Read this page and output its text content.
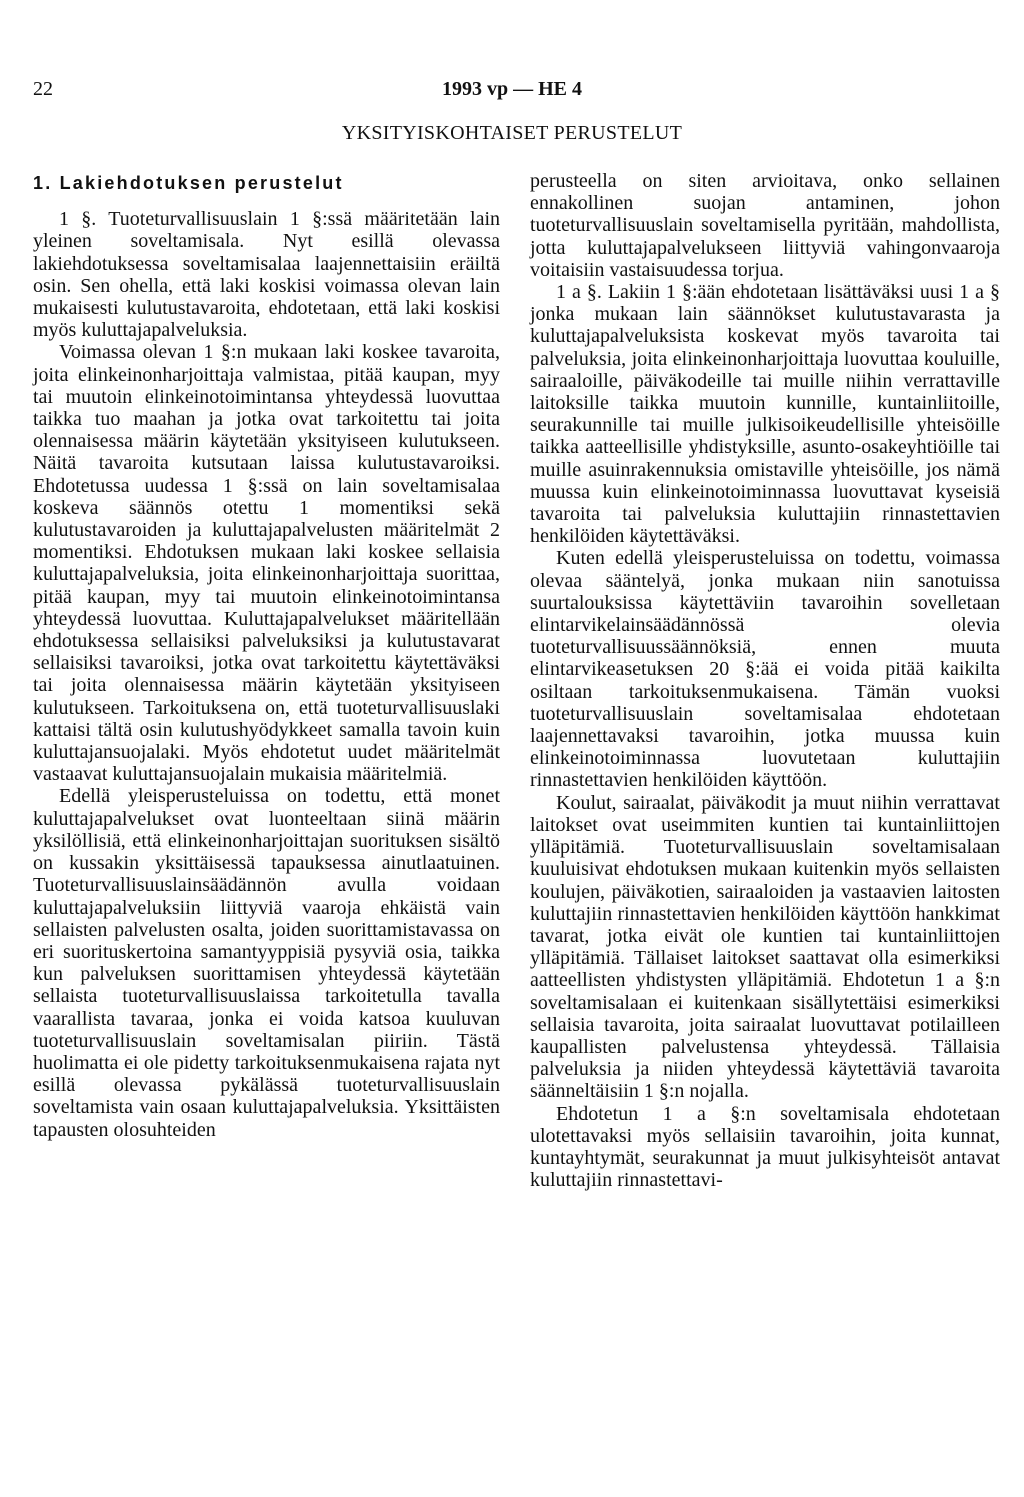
22	1993 vp — HE 4
YKSITYISKOHTAISET PERUSTELUT
1. Lakiehdotuksen perustelut

1 §. Tuoteturvallisuuslain 1 §:ssä määritetään lain yleinen soveltamisala. Nyt esillä olevassa lakiehdotuksessa soveltamisalaa laajennettaisiin eräiltä osin. Sen ohella, että laki koskisi voimassa olevan lain mukaisesti kulutustavaroita, ehdotetaan, että laki koskisi myös kuluttajapalveluksia.

Voimassa olevan 1 §:n mukaan laki koskee tavaroita, joita elinkeinonharjoittaja valmistaa, pitää kaupan, myy tai muutoin elinkeinotoimintansa yhteydessä luovuttaa taikka tuo maahan ja jotka ovat tarkoitettu tai joita olennaisessa määrin käytetään yksityiseen kulutukseen. Näitä tavaroita kutsutaan laissa kulutustavaroiksi. Ehdotetussa uudessa 1 §:ssä on lain soveltamisalaa koskeva säännös otettu 1 momentiksi sekä kulutustavaroiden ja kuluttajapalvelusten määritelmät 2 momentiksi. Ehdotuksen mukaan laki koskee sellaisia kuluttajapalveluksia, joita elinkeinonharjoittaja suorittaa, pitää kaupan, myy tai muutoin elinkeinotoimintansa yhteydessä luovuttaa. Kuluttajapalvelukset määritellään ehdotuksessa sellaisiksi palveluksiksi ja kulutustavarat sellaisiksi tavaroiksi, jotka ovat tarkoitettu käytettäväksi tai joita olennaisessa määrin käytetään yksityiseen kulutukseen. Tarkoituksena on, että tuoteturvallisuuslaki kattaisi tältä osin kulutushyödykkeet samalla tavoin kuin kuluttajansuojalaki. Myös ehdotetut uudet määritelmät vastaavat kuluttajansuojalain mukaisia määritelmiä.

Edellä yleisperusteluissa on todettu, että monet kuluttajapalvelukset ovat luonteeltaan siinä määrin yksilöllisiä, että elinkeinonharjoittajan suorituksen sisältö on kussakin yksittäisessä tapauksessa ainutlaatuinen. Tuoteturvallisuuslainsäädännön avulla voidaan kuluttajapalveluksiin liittyviä vaaroja ehkäistä vain sellaisten palvelusten osalta, joiden suorittamistavassa on eri suorituskertoina samantyyppisiä pysyviä osia, taikka kun palveluksen suorittamisen yhteydessä käytetään sellaista tuoteturvallisuuslaissa tarkoitetulla tavalla vaarallista tavaraa, jonka ei voida katsoa kuuluvan tuoteturvallisuuslain soveltamisalan piiriin. Tästä huolimatta ei ole pidetty tarkoituksenmukaisena rajata nyt esillä olevassa pykälässä tuoteturvallisuuslain soveltamista vain osaan kuluttajapalveluksia. Yksittäisten tapausten olosuhteiden

perusteella on siten arvioitava, onko sellainen ennakollinen suojan antaminen, johon tuoteturvallisuuslain soveltamisella pyritään, mahdollista, jotta kuluttajapalvelukseen liittyviä vahingonvaaroja voitaisiin vastaisuudessa torjua.

1 a §. Lakiin 1 §:ään ehdotetaan lisättäväksi uusi 1 a § jonka mukaan lain säännökset kulutustavarasta ja kuluttajapalveluksista koskevat myös tavaroita tai palveluksia, joita elinkeinonharjoittaja luovuttaa kouluille, sairaaloille, päiväkodeille tai muille niihin verrattaville laitoksille taikka muutoin kunnille, kuntainliitoille, seurakunnille tai muille julkisoikeudellisille yhteisöille taikka aatteellisille yhdistyksille, asunto-osakeyhtiöille tai muille asuinrakennuksia omistaville yhteisöille, jos nämä muussa kuin elinkeinotoiminnassa luovuttavat kyseisiä tavaroita tai palveluksia kuluttajiin rinnastettavien henkilöiden käytettäväksi.

Kuten edellä yleisperusteluissa on todettu, voimassa olevaa sääntelyä, jonka mukaan niin sanotuissa suurtalouksissa käytettäviin tavaroihin sovelletaan elintarvikelainsäädännössä olevia tuoteturvallisuussäännöksiä, ennen muuta elintarvikeasetuksen 20 §:ää ei voida pitää kaikilta osiltaan tarkoituksenmukaisena. Tämän vuoksi tuoteturvallisuuslain soveltamisalaa ehdotetaan laajennettavaksi tavaroihin, jotka muussa kuin elinkeinotoiminnassa luovutetaan kuluttajiin rinnastettavien henkilöiden käyttöön.

Koulut, sairaalat, päiväkodit ja muut niihin verrattavat laitokset ovat useimmiten kuntien tai kuntainliittojen ylläpitämiä. Tuoteturvallisuuslain soveltamisalaan kuuluisivat ehdotuksen mukaan kuitenkin myös sellaisten koulujen, päiväkotien, sairaaloiden ja vastaavien laitosten kuluttajiin rinnastettavien henkilöiden käyttöön hankkimat tavarat, jotka eivät ole kuntien tai kuntainliittojen ylläpitämiä. Tällaiset laitokset saattavat olla esimerkiksi aatteellisten yhdistysten ylläpitämiä. Ehdotetun 1 a §:n soveltamisalaan ei kuitenkaan sisällytettäisi esimerkiksi sellaisia tavaroita, joita sairaalat luovuttavat potilailleen kaupallisten palvelustensa yhteydessä. Tällaisia palveluksia ja niiden yhteydessä käytettäviä tavaroita säänneltäisiin 1 §:n nojalla.

Ehdotetun 1 a §:n soveltamisala ehdotetaan ulotettavaksi myös sellaisiin tavaroihin, joita kunnat, kuntayhtymät, seurakunnat ja muut julkisyhteisöt antavat kuluttajiin rinnastettavi-
